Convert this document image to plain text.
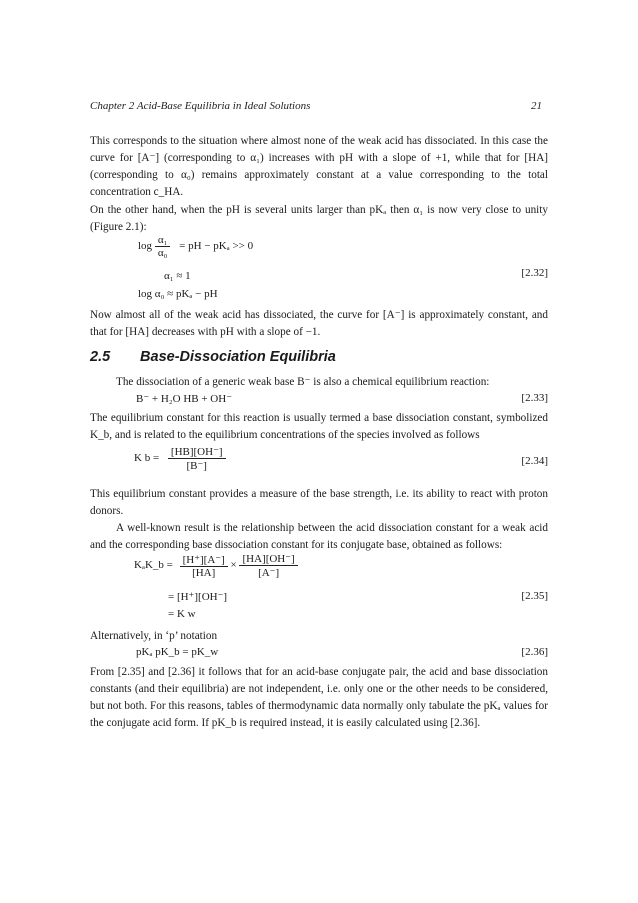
Chapter 2 Acid-Base Equilibria in Ideal Solutions	21
This corresponds to the situation where almost none of the weak acid has dissociated. In this case the curve for [A⁻] (corresponding to α₁) increases with pH with a slope of +1, while that for [HA] (corresponding to α₀) remains approximately constant at a value corresponding to the total concentration c_HA.
On the other hand, when the pH is several units larger than pKₐ then α₁ is now very close to unity (Figure 2.1):
$\log \frac{\text{α₁}}{\text{α₀}}$ = pH − pKₐ >> 0
α₁ ≈ 1
log α₀ ≈ pKₐ − pH
[2.32]
Now almost all of the weak acid has dissociated, the curve for [A⁻] is approximately constant, and that for [HA] decreases with pH with a slope of −1.
2.5 Base-Dissociation Equilibria
The dissociation of a generic weak base B⁻ is also a chemical equilibrium reaction:
B⁻ + H₂O HB + OH⁻	[2.33]
The equilibrium constant for this reaction is usually termed a base dissociation constant, symbolized K_b, and is related to the equilibrium concentrations of the species involved as follows
K $b = \frac{[HB][OH^-]}{[B^-]}$	[2.34]
This equilibrium constant provides a measure of the base strength, i.e. its ability to react with proton donors.
A well-known result is the relationship between the acid dissociation constant for a weak acid and the corresponding base dissociation constant for its conjugate base, obtained as follows:
KₐK_b = $\frac{[H^+][A^-]}{[HA]} \times \frac{[HA][OH^-]}{[A^-]}$
= [H⁺][OH⁻]
= K w
[2.35]
Alternatively, in ‘p’ notation
pKₐ pK_b = pK_w	[2.36]
From [2.35] and [2.36] it follows that for an acid-base conjugate pair, the acid and base dissociation constants (and their equilibria) are not independent, i.e. only one or the other needs to be considered, but not both. For this reasons, tables of thermodynamic data normally only tabulate the pKₐ values for the conjugate acid form. If pK_b is required instead, it is easily calculated using [2.36].
